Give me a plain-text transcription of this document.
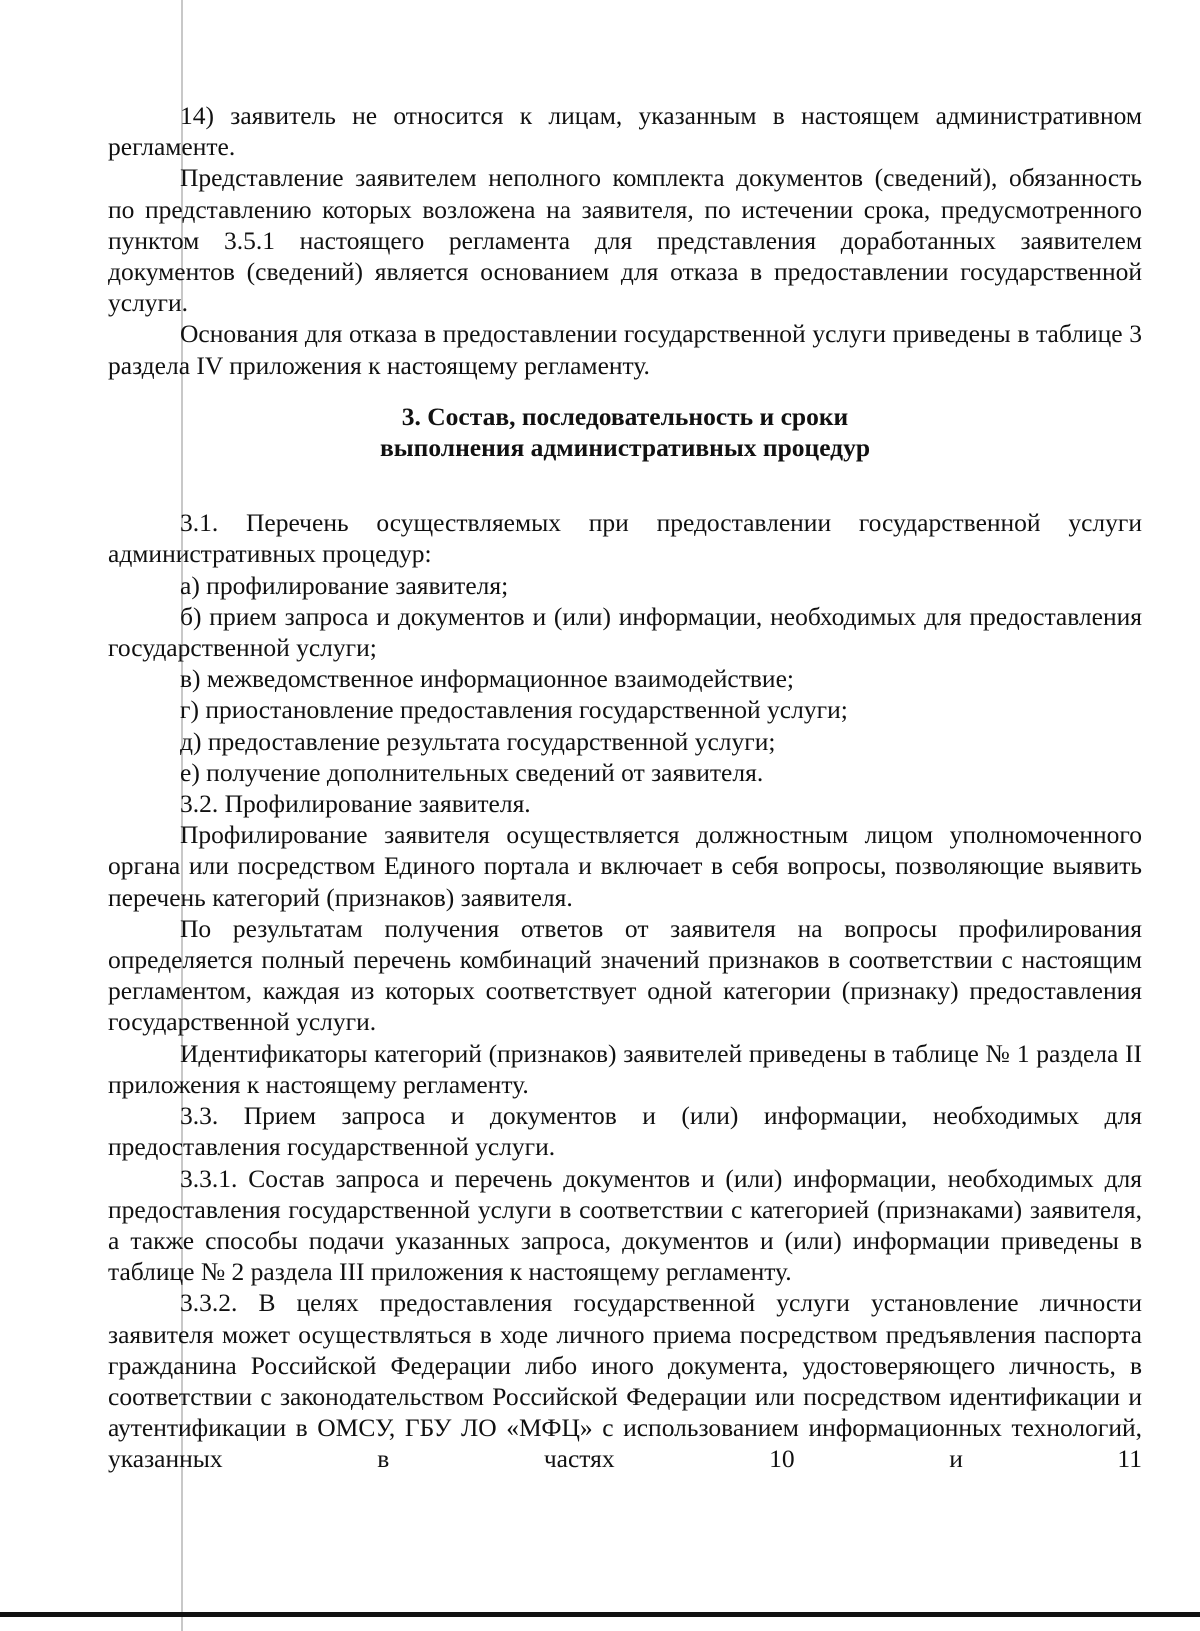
14) заявитель не относится к лицам, указанным в настоящем административном регламенте.

Представление заявителем неполного комплекта документов (сведений), обязанность по представлению которых возложена на заявителя, по истечении срока, предусмотренного пунктом 3.5.1 настоящего регламента для представления доработанных заявителем документов (сведений) является основанием для отказа в предоставлении государственной услуги.

Основания для отказа в предоставлении государственной услуги приведены в таблице 3 раздела IV приложения к настоящему регламенту.

3. Состав, последовательность и сроки
выполнения административных процедур

3.1. Перечень осуществляемых при предоставлении государственной услуги административных процедур:

а) профилирование заявителя;

б) прием запроса и документов и (или) информации, необходимых для предоставления государственной услуги;

в) межведомственное информационное взаимодействие;

г) приостановление предоставления государственной услуги;

д) предоставление результата государственной услуги;

е) получение дополнительных сведений от заявителя.

3.2. Профилирование заявителя.

Профилирование заявителя осуществляется должностным лицом уполномоченного органа или посредством Единого портала и включает в себя вопросы, позволяющие выявить перечень категорий (признаков) заявителя.

По результатам получения ответов от заявителя на вопросы профилирования определяется полный перечень комбинаций значений признаков в соответствии с настоящим регламентом, каждая из которых соответствует одной категории (признаку) предоставления государственной услуги.

Идентификаторы категорий (признаков) заявителей приведены в таблице № 1 раздела II приложения к настоящему регламенту.

3.3. Прием запроса и документов и (или) информации, необходимых для предоставления государственной услуги.

3.3.1. Состав запроса и перечень документов и (или) информации, необходимых для предоставления государственной услуги в соответствии с категорией (признаками) заявителя, а также способы подачи указанных запроса, документов и (или) информации приведены в таблице № 2 раздела III приложения к настоящему регламенту.

3.3.2. В целях предоставления государственной услуги установление личности заявителя может осуществляться в ходе личного приема посредством предъявления паспорта гражданина Российской Федерации либо иного документа, удостоверяющего личность, в соответствии с законодательством Российской Федерации или посредством идентификации и аутентификации в ОМСУ, ГБУ ЛО «МФЦ» с использованием информационных технологий, указанных в частях 10 и 11
